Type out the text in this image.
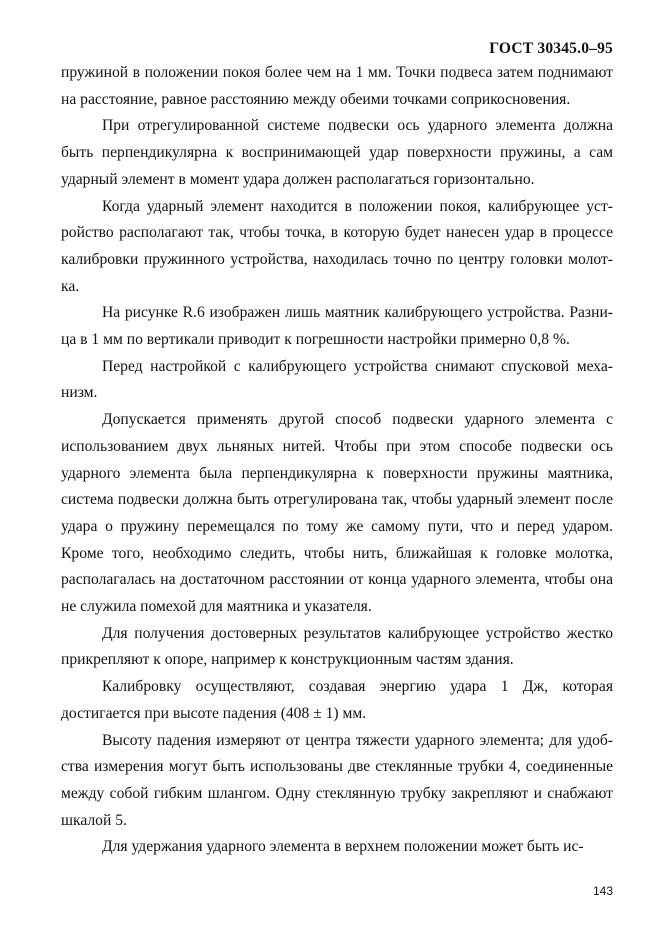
ГОСТ 30345.0–95

пружиной в положении покоя более чем на 1 мм. Точки подвеса затем поднимают на расстояние, равное расстоянию между обеими точками соприкосновения.

При отрегулированной системе подвески ось ударного элемента должна быть перпендикулярна к воспринимающей удар поверхности пружины, а сам ударный элемент в момент удара должен располагаться горизонтально.

Когда ударный элемент находится в положении покоя, калибрующее устройство располагают так, чтобы точка, в которую будет нанесен удар в процессе калибровки пружинного устройства, находилась точно по центру головки молотка.

На рисунке R.6 изображен лишь маятник калибрующего устройства. Разница в 1 мм по вертикали приводит к погрешности настройки примерно 0,8 %.

Перед настройкой с калибрующего устройства снимают спусковой механизм.

Допускается применять другой способ подвески ударного элемента с использованием двух льняных нитей. Чтобы при этом способе подвески ось ударного элемента была перпендикулярна к поверхности пружины маятника, система подвески должна быть отрегулирована так, чтобы ударный элемент после удара о пружину перемещался по тому же самому пути, что и перед ударом. Кроме того, необходимо следить, чтобы нить, ближайшая к головке молотка, располагалась на достаточном расстоянии от конца ударного элемента, чтобы она не служила помехой для маятника и указателя.

Для получения достоверных результатов калибрующее устройство жестко прикрепляют к опоре, например к конструкционным частям здания.

Калибровку осуществляют, создавая энергию удара 1 Дж, которая достигается при высоте падения (408 ± 1) мм.

Высоту падения измеряют от центра тяжести ударного элемента; для удобства измерения могут быть использованы две стеклянные трубки 4, соединенные между собой гибким шлангом. Одну стеклянную трубку закрепляют и снабжают шкалой 5.

Для удержания ударного элемента в верхнем положении может быть ис-

143
